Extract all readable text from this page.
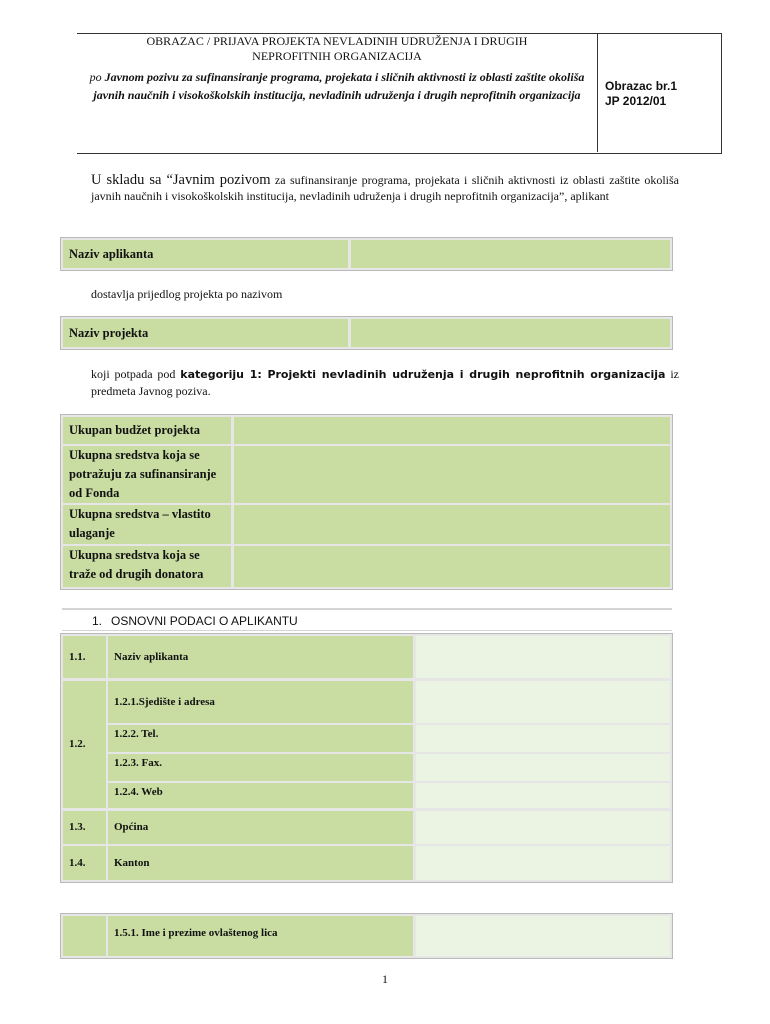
OBRAZAC / PRIJAVA PROJEKTA NEVLADINIH UDRUŽENJA I DRUGIH
NEPROFITNIH ORGANIZACIJA
po Javnom pozivu za sufinansiranje programa, projekata i sličnih aktivnosti iz oblasti zaštite okoliša javnih naučnih i visokoškolskih institucija, nevladinih udruženja i drugih neprofitnih organizacija
Obrazac br.1
JP 2012/01
U skladu sa “Javnim pozivom za sufinansiranje programa, projekata i sličnih aktivnosti iz oblasti zaštite okoliša javnih naučnih i visokoškolskih institucija, nevladinih udruženja i drugih neprofitnih organizacija”, aplikant
Naziv aplikanta
dostavlja prijedlog projekta po nazivom
Naziv projekta
koji potpada pod kategoriju 1: Projekti nevladinih udruženja i drugih neprofitnih organizacija iz predmeta Javnog poziva.
Ukupan budžet projekta
Ukupna sredstva koja se potražuju za sufinansiranje od Fonda
Ukupna sredstva – vlastito ulaganje
Ukupna sredstva koja se traže od drugih donatora
1. OSNOVNI PODACI O APLIKANTU
1.1.	Naziv aplikanta
1.2.
1.2.1.Sjedište i adresa
1.2.2. Tel.
1.2.3. Fax.
1.2.4. Web
1.3.	Općina
1.4.	Kanton
1.5.1. Ime i prezime ovlaštenog lica
1
